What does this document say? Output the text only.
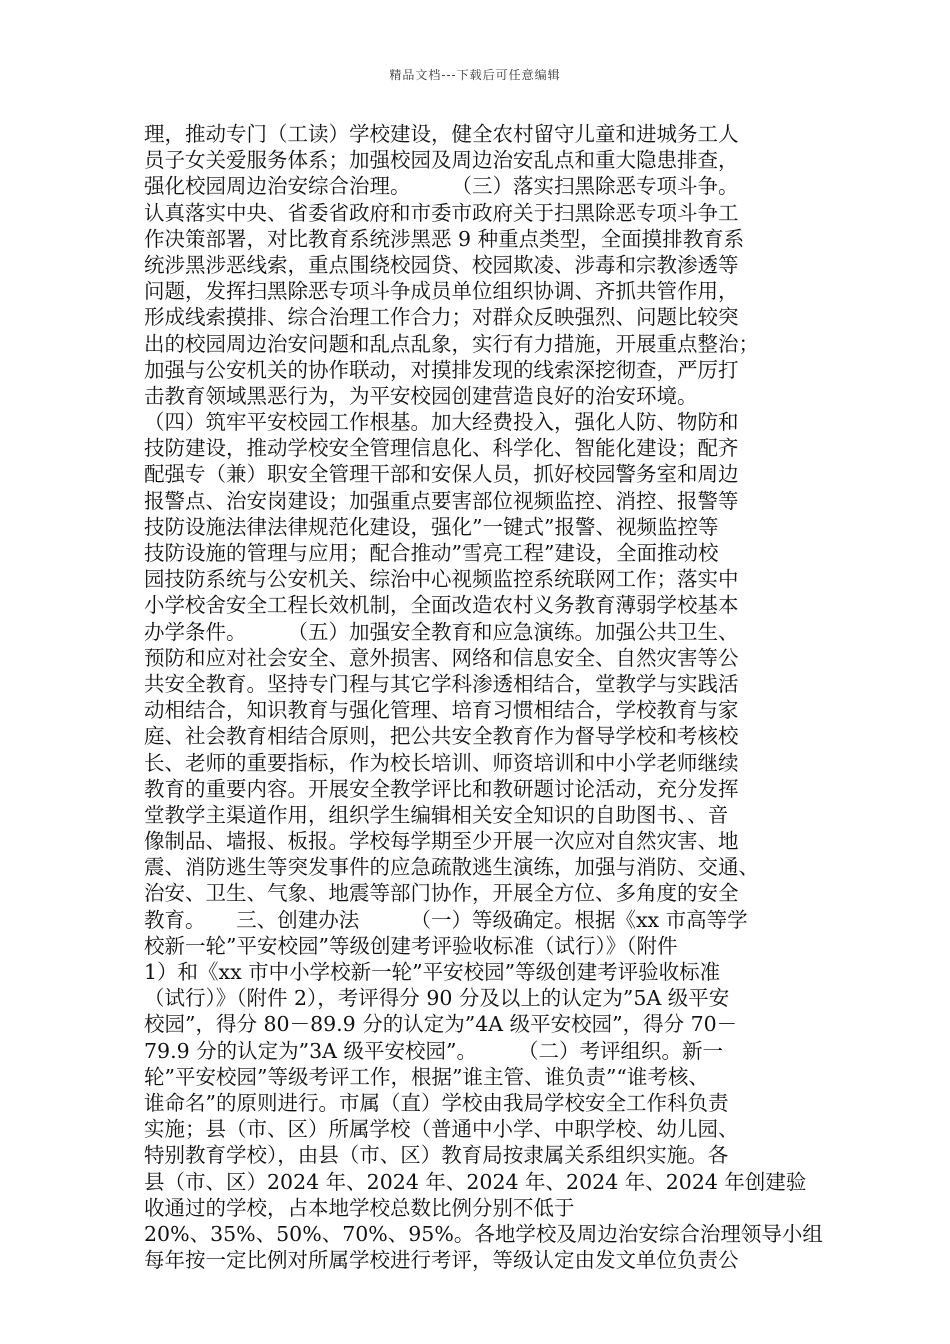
精品文档---下载后可任意编辑
理，推动专门（工读）学校建设，健全农村留守儿童和进城务工人
员子女关爱服务体系；加强校园及周边治安乱点和重大隐患排查，
强化校园周边治安综合治理。　　　（三）落实扫黑除恶专项斗争。
认真落实中央、省委省政府和市委市政府关于扫黑除恶专项斗争工
作决策部署，对比教育系统涉黑恶 9 种重点类型，全面摸排教育系
统涉黑涉恶线索，重点围绕校园贷、校园欺凌、涉毒和宗教渗透等
问题，发挥扫黑除恶专项斗争成员单位组织协调、齐抓共管作用，
形成线索摸排、综合治理工作合力；对群众反映强烈、问题比较突
出的校园周边治安问题和乱点乱象，实行有力措施，开展重点整治；
加强与公安机关的协作联动，对摸排发现的线索深挖彻查，严厉打
击教育领域黑恶行为，为平安校园创建营造良好的治安环境。
（四）筑牢平安校园工作根基。加大经费投入，强化人防、物防和
技防建设，推动学校安全管理信息化、科学化、智能化建设；配齐
配强专（兼）职安全管理干部和安保人员，抓好校园警务室和周边
报警点、治安岗建设；加强重点要害部位视频监控、消控、报警等
技防设施法律法律规范化建设，强化”一键式”报警、视频监控等
技防设施的管理与应用；配合推动”雪亮工程”建设，全面推动校
园技防系统与公安机关、综治中心视频监控系统联网工作；落实中
小学校舍安全工程长效机制，全面改造农村义务教育薄弱学校基本
办学条件。　　　（五）加强安全教育和应急演练。加强公共卫生、
预防和应对社会安全、意外损害、网络和信息安全、自然灾害等公
共安全教育。坚持专门程与其它学科渗透相结合，堂教学与实践活
动相结合，知识教育与强化管理、培育习惯相结合，学校教育与家
庭、社会教育相结合原则，把公共安全教育作为督导学校和考核校
长、老师的重要指标，作为校长培训、师资培训和中小学老师继续
教育的重要内容。开展安全教学评比和教研题讨论活动，充分发挥
堂教学主渠道作用，组织学生编辑相关安全知识的自助图书、、音
像制品、墙报、板报。学校每学期至少开展一次应对自然灾害、地
震、消防逃生等突发事件的应急疏散逃生演练，加强与消防、交通、
治安、卫生、气象、地震等部门协作，开展全方位、多角度的安全
教育。　　三、创建办法　　　（一）等级确定。根据《xx 市高等学
校新一轮”平安校园”等级创建考评验收标准（试行）》（附件
1）和《xx 市中小学校新一轮”平安校园”等级创建考评验收标准
（试行）》（附件 2），考评得分 90 分及以上的认定为”5A 级平安
校园”，得分 80－89.9 分的认定为”4A 级平安校园”，得分 70－
79.9 分的认定为”3A 级平安校园”。　　　（二）考评组织。新一
轮”平安校园”等级考评工作，根据”谁主管、谁负责”“谁考核、
谁命名”的原则进行。市属（直）学校由我局学校安全工作科负责
实施；县（市、区）所属学校（普通中小学、中职学校、幼儿园、
特别教育学校），由县（市、区）教育局按隶属关系组织实施。各
县（市、区）2024 年、2024 年、2024 年、2024 年、2024 年创建验
收通过的学校，占本地学校总数比例分别不低于
20%、35%、50%、70%、95%。各地学校及周边治安综合治理领导小组
每年按一定比例对所属学校进行考评，等级认定由发文单位负责公
